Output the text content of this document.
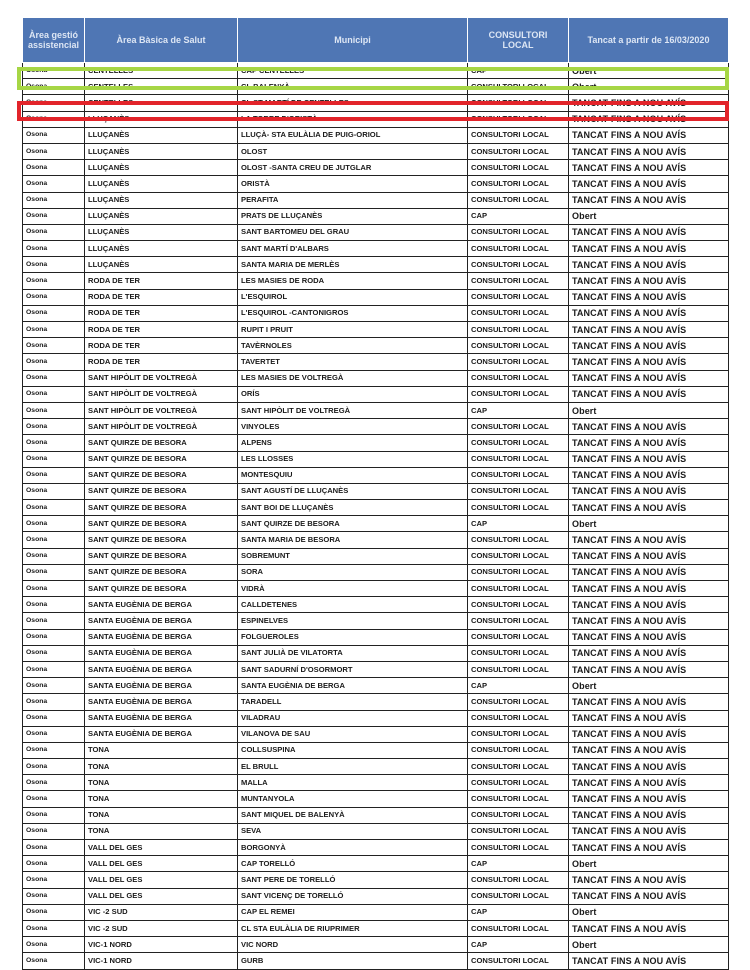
Àrea gestió assistencial	Àrea Bàsica de Salut	Municipi	CONSULTORI LOCAL	Tancat a partir de 16/03/2020
Osona	CENTELLES	CAP CENTELLES	CAP	Obert
Osona	CENTELLES	CL BALENYÀ	CONSULTORI LOCAL	Obert
Osona	CENTELLES	CL ST MARTÍ DE CENTELLES	CONSULTORI LOCAL	TANCAT FINS A NOU AVÍS
Osona	LLUÇANÈS	LA TORRE D'ORISTÀ	CONSULTORI LOCAL	TANCAT FINS A NOU AVÍS
Osona	LLUÇANÈS	LLUÇÀ- STA EULÀLIA DE PUIG-ORIOL	CONSULTORI LOCAL	TANCAT FINS A NOU AVÍS
Osona	LLUÇANÈS	OLOST	CONSULTORI LOCAL	TANCAT FINS A NOU AVÍS
Osona	LLUÇANÈS	OLOST -SANTA CREU DE JUTGLAR	CONSULTORI LOCAL	TANCAT FINS A NOU AVÍS
Osona	LLUÇANÈS	ORISTÀ	CONSULTORI LOCAL	TANCAT FINS A NOU AVÍS
Osona	LLUÇANÈS	PERAFITA	CONSULTORI LOCAL	TANCAT FINS A NOU AVÍS
Osona	LLUÇANÈS	PRATS DE LLUÇANÈS	CAP	Obert
Osona	LLUÇANÈS	SANT BARTOMEU DEL GRAU	CONSULTORI LOCAL	TANCAT FINS A NOU AVÍS
Osona	LLUÇANÈS	SANT MARTÍ D'ALBARS	CONSULTORI LOCAL	TANCAT FINS A NOU AVÍS
Osona	LLUÇANÈS	SANTA MARIA DE MERLÈS	CONSULTORI LOCAL	TANCAT FINS A NOU AVÍS
Osona	RODA DE TER	LES MASIES DE RODA	CONSULTORI LOCAL	TANCAT FINS A NOU AVÍS
Osona	RODA DE TER	L'ESQUIROL	CONSULTORI LOCAL	TANCAT FINS A NOU AVÍS
Osona	RODA DE TER	L'ESQUIROL -CANTONIGROS	CONSULTORI LOCAL	TANCAT FINS A NOU AVÍS
Osona	RODA DE TER	RUPIT I PRUIT	CONSULTORI LOCAL	TANCAT FINS A NOU AVÍS
Osona	RODA DE TER	TAVÈRNOLES	CONSULTORI LOCAL	TANCAT FINS A NOU AVÍS
Osona	RODA DE TER	TAVERTET	CONSULTORI LOCAL	TANCAT FINS A NOU AVÍS
Osona	SANT HIPÒLIT DE VOLTREGÀ	LES MASIES DE VOLTREGÀ	CONSULTORI LOCAL	TANCAT FINS A NOU AVÍS
Osona	SANT HIPÒLIT DE VOLTREGÀ	ORÍS	CONSULTORI LOCAL	TANCAT FINS A NOU AVÍS
Osona	SANT HIPÒLIT DE VOLTREGÀ	SANT HIPÒLIT DE VOLTREGÀ	CAP	Obert
Osona	SANT HIPÒLIT DE VOLTREGÀ	VINYOLES	CONSULTORI LOCAL	TANCAT FINS A NOU AVÍS
Osona	SANT QUIRZE DE BESORA	ALPENS	CONSULTORI LOCAL	TANCAT FINS A NOU AVÍS
Osona	SANT QUIRZE DE BESORA	LES LLOSSES	CONSULTORI LOCAL	TANCAT FINS A NOU AVÍS
Osona	SANT QUIRZE DE BESORA	MONTESQUIU	CONSULTORI LOCAL	TANCAT FINS A NOU AVÍS
Osona	SANT QUIRZE DE BESORA	SANT AGUSTÍ DE LLUÇANÈS	CONSULTORI LOCAL	TANCAT FINS A NOU AVÍS
Osona	SANT QUIRZE DE BESORA	SANT BOI DE LLUÇANÈS	CONSULTORI LOCAL	TANCAT FINS A NOU AVÍS
Osona	SANT QUIRZE DE BESORA	SANT QUIRZE DE BESORA	CAP	Obert
Osona	SANT QUIRZE DE BESORA	SANTA MARIA DE BESORA	CONSULTORI LOCAL	TANCAT FINS A NOU AVÍS
Osona	SANT QUIRZE DE BESORA	SOBREMUNT	CONSULTORI LOCAL	TANCAT FINS A NOU AVÍS
Osona	SANT QUIRZE DE BESORA	SORA	CONSULTORI LOCAL	TANCAT FINS A NOU AVÍS
Osona	SANT QUIRZE DE BESORA	VIDRÀ	CONSULTORI LOCAL	TANCAT FINS A NOU AVÍS
Osona	SANTA EUGÈNIA DE BERGA	CALLDETENES	CONSULTORI LOCAL	TANCAT FINS A NOU AVÍS
Osona	SANTA EUGÈNIA DE BERGA	ESPINELVES	CONSULTORI LOCAL	TANCAT FINS A NOU AVÍS
Osona	SANTA EUGÈNIA DE BERGA	FOLGUEROLES	CONSULTORI LOCAL	TANCAT FINS A NOU AVÍS
Osona	SANTA EUGÈNIA DE BERGA	SANT JULIÀ DE VILATORTA	CONSULTORI LOCAL	TANCAT FINS A NOU AVÍS
Osona	SANTA EUGÈNIA DE BERGA	SANT SADURNÍ D'OSORMORT	CONSULTORI LOCAL	TANCAT FINS A NOU AVÍS
Osona	SANTA EUGÈNIA DE BERGA	SANTA EUGÈNIA DE BERGA	CAP	Obert
Osona	SANTA EUGÈNIA DE BERGA	TARADELL	CONSULTORI LOCAL	TANCAT FINS A NOU AVÍS
Osona	SANTA EUGÈNIA DE BERGA	VILADRAU	CONSULTORI LOCAL	TANCAT FINS A NOU AVÍS
Osona	SANTA EUGÈNIA DE BERGA	VILANOVA DE SAU	CONSULTORI LOCAL	TANCAT FINS A NOU AVÍS
Osona	TONA	COLLSUSPINA	CONSULTORI LOCAL	TANCAT FINS A NOU AVÍS
Osona	TONA	EL BRULL	CONSULTORI LOCAL	TANCAT FINS A NOU AVÍS
Osona	TONA	MALLA	CONSULTORI LOCAL	TANCAT FINS A NOU AVÍS
Osona	TONA	MUNTANYOLA	CONSULTORI LOCAL	TANCAT FINS A NOU AVÍS
Osona	TONA	SANT MIQUEL DE BALENYÀ	CONSULTORI LOCAL	TANCAT FINS A NOU AVÍS
Osona	TONA	SEVA	CONSULTORI LOCAL	TANCAT FINS A NOU AVÍS
Osona	VALL DEL GES	BORGONYÀ	CONSULTORI LOCAL	TANCAT FINS A NOU AVÍS
Osona	VALL DEL GES	CAP TORELLÓ	CAP	Obert
Osona	VALL DEL GES	SANT PERE DE TORELLÓ	CONSULTORI LOCAL	TANCAT FINS A NOU AVÍS
Osona	VALL DEL GES	SANT VICENÇ DE TORELLÓ	CONSULTORI LOCAL	TANCAT FINS A NOU AVÍS
Osona	VIC -2 SUD	CAP EL REMEI	CAP	Obert
Osona	VIC -2 SUD	CL STA EULÀLIA DE RIUPRIMER	CONSULTORI LOCAL	TANCAT FINS A NOU AVÍS
Osona	VIC-1 NORD	VIC NORD	CAP	Obert
Osona	VIC-1 NORD	GURB	CONSULTORI LOCAL	TANCAT FINS A NOU AVÍS
